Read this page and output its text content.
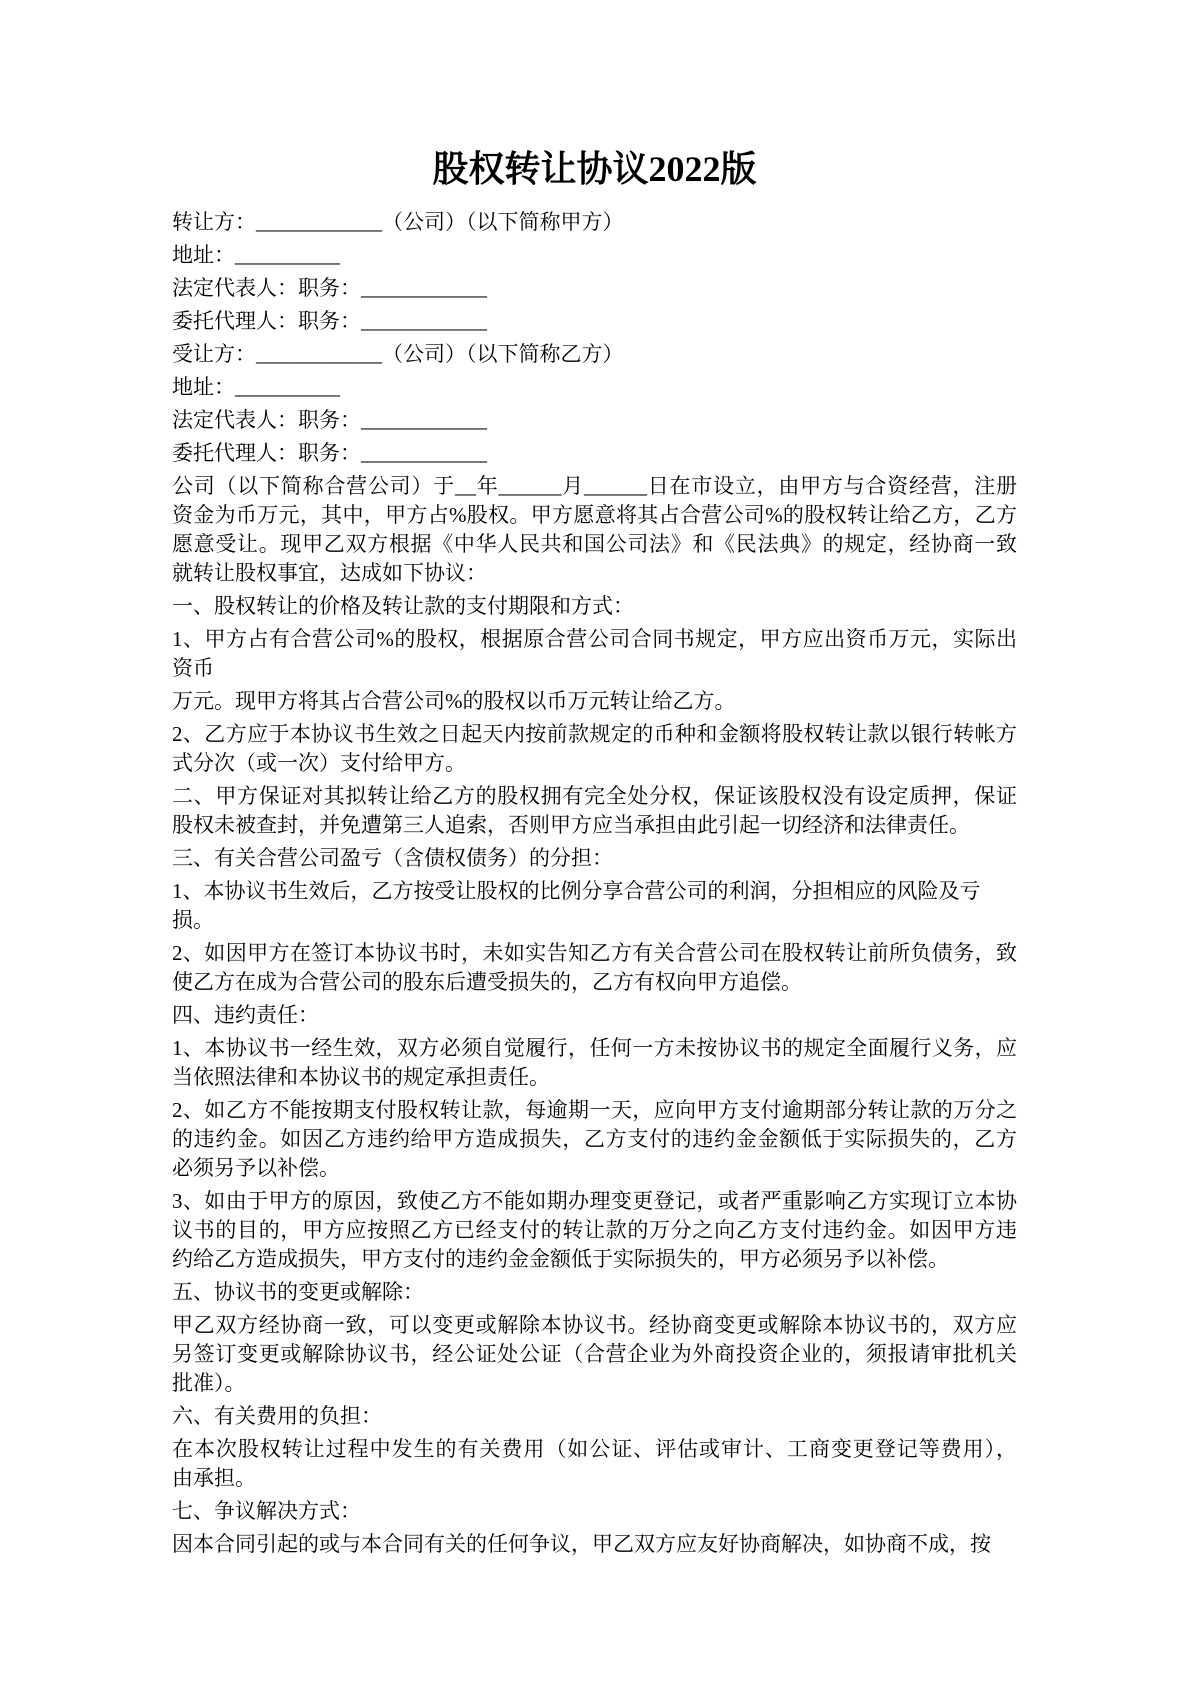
股权转让协议2022版
转让方：____________（公司）（以下简称甲方）
地址：__________
法定代表人：职务：____________
委托代理人：职务：____________
受让方：____________（公司）（以下简称乙方）
地址：__________
法定代表人：职务：____________
委托代理人：职务：____________
公司（以下简称合营公司）于__年______月______日在市设立，由甲方与合资经营，注册
资金为币万元，其中，甲方占%股权。甲方愿意将其占合营公司%的股权转让给乙方，乙方
愿意受让。现甲乙双方根据《中华人民共和国公司法》和《民法典》的规定，经协商一致
就转让股权事宜，达成如下协议：
一、股权转让的价格及转让款的支付期限和方式：
1、甲方占有合营公司%的股权，根据原合营公司合同书规定，甲方应出资币万元，实际出
资币
万元。现甲方将其占合营公司%的股权以币万元转让给乙方。
2、乙方应于本协议书生效之日起天内按前款规定的币种和金额将股权转让款以银行转帐方
式分次（或一次）支付给甲方。
二、甲方保证对其拟转让给乙方的股权拥有完全处分权，保证该股权没有设定质押，保证
股权未被查封，并免遭第三人追索，否则甲方应当承担由此引起一切经济和法律责任。
三、有关合营公司盈亏（含债权债务）的分担：
1、本协议书生效后，乙方按受让股权的比例分享合营公司的利润，分担相应的风险及亏损。
2、如因甲方在签订本协议书时，未如实告知乙方有关合营公司在股权转让前所负债务，致
使乙方在成为合营公司的股东后遭受损失的，乙方有权向甲方追偿。
四、违约责任：
1、本协议书一经生效，双方必须自觉履行，任何一方未按协议书的规定全面履行义务，应
当依照法律和本协议书的规定承担责任。
2、如乙方不能按期支付股权转让款，每逾期一天，应向甲方支付逾期部分转让款的万分之
的违约金。如因乙方违约给甲方造成损失，乙方支付的违约金金额低于实际损失的，乙方
必须另予以补偿。
3、如由于甲方的原因，致使乙方不能如期办理变更登记，或者严重影响乙方实现订立本协
议书的目的，甲方应按照乙方已经支付的转让款的万分之向乙方支付违约金。如因甲方违
约给乙方造成损失，甲方支付的违约金金额低于实际损失的，甲方必须另予以补偿。
五、协议书的变更或解除：
甲乙双方经协商一致，可以变更或解除本协议书。经协商变更或解除本协议书的，双方应
另签订变更或解除协议书，经公证处公证（合营企业为外商投资企业的，须报请审批机关
批准）。
六、有关费用的负担：
在本次股权转让过程中发生的有关费用（如公证、评估或审计、工商变更登记等费用），
由承担。
七、争议解决方式：
因本合同引起的或与本合同有关的任何争议，甲乙双方应友好协商解决，如协商不成，按
